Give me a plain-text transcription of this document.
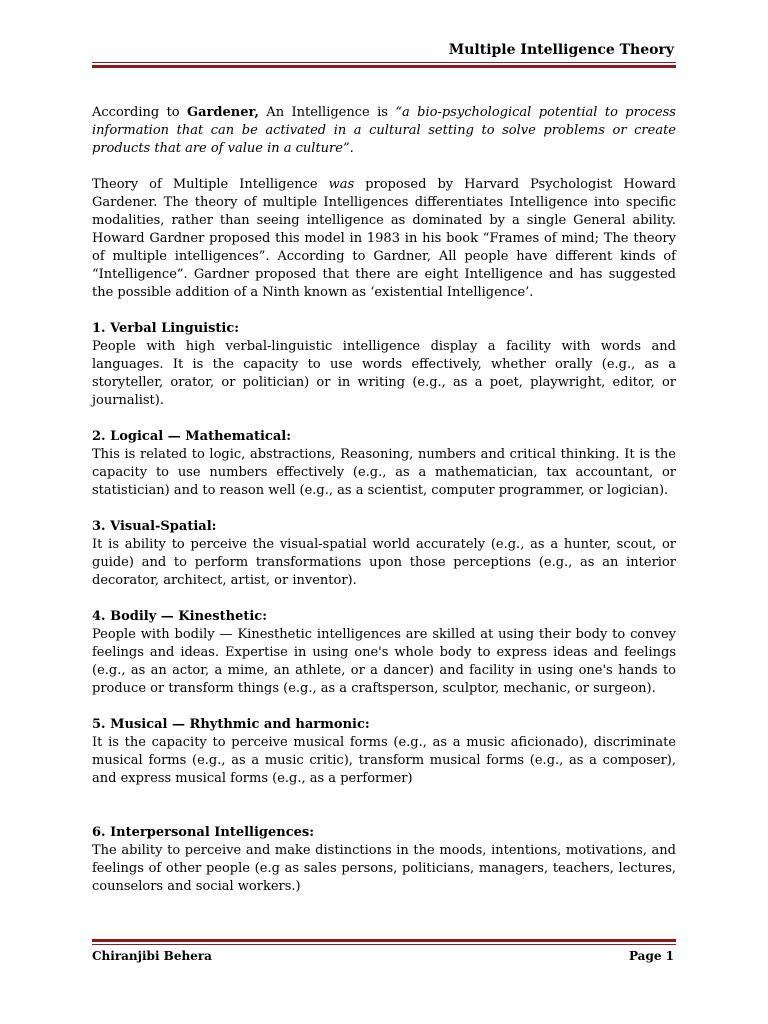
Multiple Intelligence Theory

According to Gardener, An Intelligence is “a bio-psychological potential to process information that can be activated in a cultural setting to solve problems or create products that are of value in a culture”.

Theory of Multiple Intelligence was proposed by Harvard Psychologist Howard Gardener. The theory of multiple Intelligences differentiates Intelligence into specific modalities, rather than seeing intelligence as dominated by a single General ability. Howard Gardner proposed this model in 1983 in his book “Frames of mind; The theory of multiple intelligences”. According to Gardner, All people have different kinds of “Intelligence”. Gardner proposed that there are eight Intelligence and has suggested the possible addition of a Ninth known as ‘existential Intelligence’.

1. Verbal Linguistic:

People with high verbal-linguistic intelligence display a facility with words and languages. It is the capacity to use words effectively, whether orally (e.g., as a storyteller, orator, or politician) or in writing (e.g., as a poet, playwright, editor, or journalist).

2. Logical — Mathematical:

This is related to logic, abstractions, Reasoning, numbers and critical thinking. It is the capacity to use numbers effectively (e.g., as a mathematician, tax accountant, or statistician) and to reason well (e.g., as a scientist, computer programmer, or logician).

3. Visual-Spatial:

It is ability to perceive the visual-spatial world accurately (e.g., as a hunter, scout, or guide) and to perform transformations upon those perceptions (e.g., as an interior decorator, architect, artist, or inventor).

4. Bodily — Kinesthetic:

People with bodily — Kinesthetic intelligences are skilled at using their body to convey feelings and ideas. Expertise in using one's whole body to express ideas and feelings (e.g., as an actor, a mime, an athlete, or a dancer) and facility in using one's hands to produce or transform things (e.g., as a craftsperson, sculptor, mechanic, or surgeon).

5. Musical — Rhythmic and harmonic:

It is the capacity to perceive musical forms (e.g., as a music aficionado), discriminate musical forms (e.g., as a music critic), transform musical forms (e.g., as a composer), and express musical forms (e.g., as a performer)

6. Interpersonal Intelligences:

The ability to perceive and make distinctions in the moods, intentions, motivations, and feelings of other people (e.g as sales persons, politicians, managers, teachers, lectures, counselors and social workers.)

Chiranjibi Behera	Page 1
